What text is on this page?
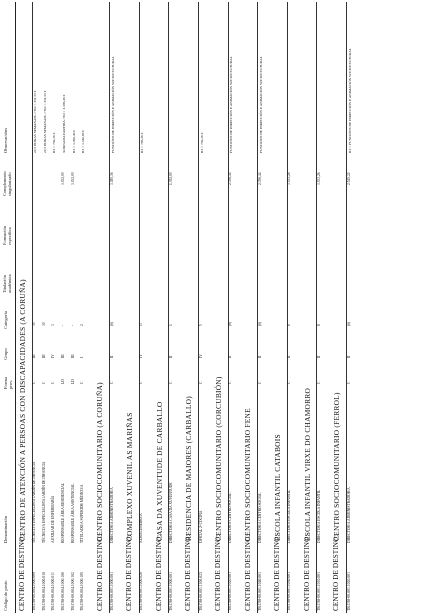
Código do posto
Denominación
Forma prov.
Grupo
Categoría
Titulación académica
Formación específica
Complemento singularizado
Observacións
CENTRO DE DESTINO:
CENTRO DE ATENCIÓN A PERSOAS CON DISCAPACIDADES (A CORUÑA)
TR.C98-00.004.1000.009
TÉCNICO/A ESPECIALISTA JARDÍN DE INFANCIA
C
III
30
22,5 HORAS SEMANAIS. // B.I = 351,55 €
TR.C98-00.004.1000.010
TÉCNICO/A ESPECIALISTA JARDÍN DE INFANCIA
C
III
30
22,5 HORAS SEMANAIS. // B.I = 351,55 €
TR.C98-00.004.1000.011
AUXILIAR DE ENFERMARÍA
C
IV
3
B.I = 792,26 €
TR.C98-00.004.1000.106
RESPONSABLE ÁREA RESIDENCIAL
LD
III
-
3.032,00
XORNADA PARTIDA / B.I = 1.396,46 €
TR.C98-00.004.1000.102
RESPONSABLE ÁREA ASISTENCIAL
LD
III
-
3.032,00
B.I = 1.396,46 €
TR.C98-00.004.1000.105
TITULADO/A SUPERIOR MÉDICO/A
C
I
2
B.I = 1.340,06 €
CENTRO DE DESTINO:
CENTRO SOCIOCOMUNITARIO (A CORUÑA)
TR.C98-00.001.1000.001
DIRECTOR/A ADMINISTRADOR/A
C
II
(6)
3.385,36
FUNCIÓNS DE DIRECCIÓN E ANIMACIÓN SOCIOCULTURAL
CENTRO DE DESTINO:
COMPLEXO XUVENIL AS MARIÑAS
TR.C98-00.001.1000.026
ALMACENEIRO/A
C
IV
17
B.I = 798,36 €
CENTRO DE DESTINO:
CASA DA XUVENTUDE DE CARBALLO
TR.C98-00.001.1000.001
DIRECTOR/A CASA DA XUVENTUDE
C
II
1
1.392,00
CENTRO DE DESTINO:
RESIDENCIA DE MAIORES (CARBALLO)
TR.C98-00.001.1100.023
OFICIAL 2ª COCIÑA
C
IV
5
B.I = 792,26 €
CENTRO DE DESTINO:
CENTRO SOCIOCOMUNITARIO (CORCUBIÓN)
TR.C98-00.001.1020.001
DIRECTOR/A CENTRO SOCIAL
C
II
(6)
2.356,44
FUNCIÓNS DE DIRECCIÓN E ANIMACIÓN SOCIOCULTURAL
CENTRO DE DESTINO:
CENTRO SOCIOCOMUNITARIO FENE
TR.C98-00.001.1040.001
DIRECTOR/A CENTRO SOCIAL
C
II
(6)
2.356,44
FUNCIÓNS DE DIRECCIÓN E ANIMACIÓN SOCIOCULTURAL
CENTRO DE DESTINO:
ESCOLA INFANTIL CATABOIS
TR.C98-00.001.1030.001
DIRECTOR/A ESCOLA INFANTIL
C
II
8
3.533,26
CENTRO DE DESTINO:
ESCOLA INFANTIL VIRXE DO CHAMORRO
TR.C98-00.001.1010.001
DIRECTOR/A ESCOLA INFANTIL
C
II
8
3.533,26
CENTRO DE DESTINO:
CENTRO SOCIOCOMUNITARIO (FERROL)
TR.C98-00.001.1020.001
DIRECTOR/A ADMINISTRADOR/A
C
II
(6)
2.545,22
B.I = FUNCIÓNS DE DIRECCIÓN E ANIMACIÓN SOCIOCULTURAL
